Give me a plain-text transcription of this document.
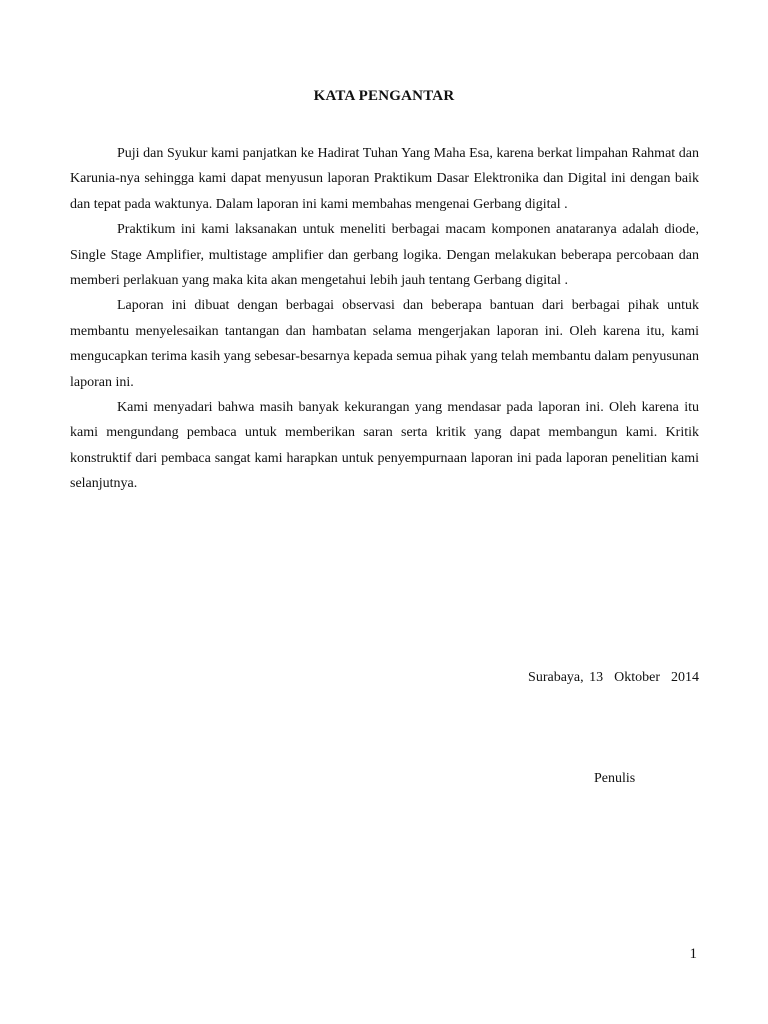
KATA PENGANTAR

Puji dan Syukur kami panjatkan ke Hadirat Tuhan Yang Maha Esa, karena berkat limpahan Rahmat dan Karunia-nya sehingga kami dapat menyusun laporan Praktikum Dasar Elektronika dan Digital ini dengan baik dan tepat pada waktunya. Dalam laporan ini kami membahas mengenai Gerbang digital .

Praktikum ini kami laksanakan untuk meneliti berbagai macam komponen anataranya adalah diode, Single Stage Amplifier, multistage amplifier dan gerbang logika. Dengan melakukan beberapa percobaan dan memberi perlakuan yang maka kita akan mengetahui lebih jauh tentang Gerbang digital .

Laporan ini dibuat dengan berbagai observasi dan beberapa bantuan dari berbagai pihak untuk membantu menyelesaikan tantangan dan hambatan selama mengerjakan laporan ini. Oleh karena itu, kami mengucapkan terima kasih yang sebesar-besarnya kepada semua pihak yang telah membantu dalam penyusunan laporan ini.

Kami menyadari bahwa masih banyak kekurangan yang mendasar pada laporan ini. Oleh karena itu kami mengundang pembaca untuk memberikan saran serta kritik yang dapat membangun kami. Kritik konstruktif dari pembaca sangat kami harapkan untuk penyempurnaan laporan ini pada laporan penelitian kami selanjutnya.

Surabaya, 13  Oktober  2014

Penulis

1
